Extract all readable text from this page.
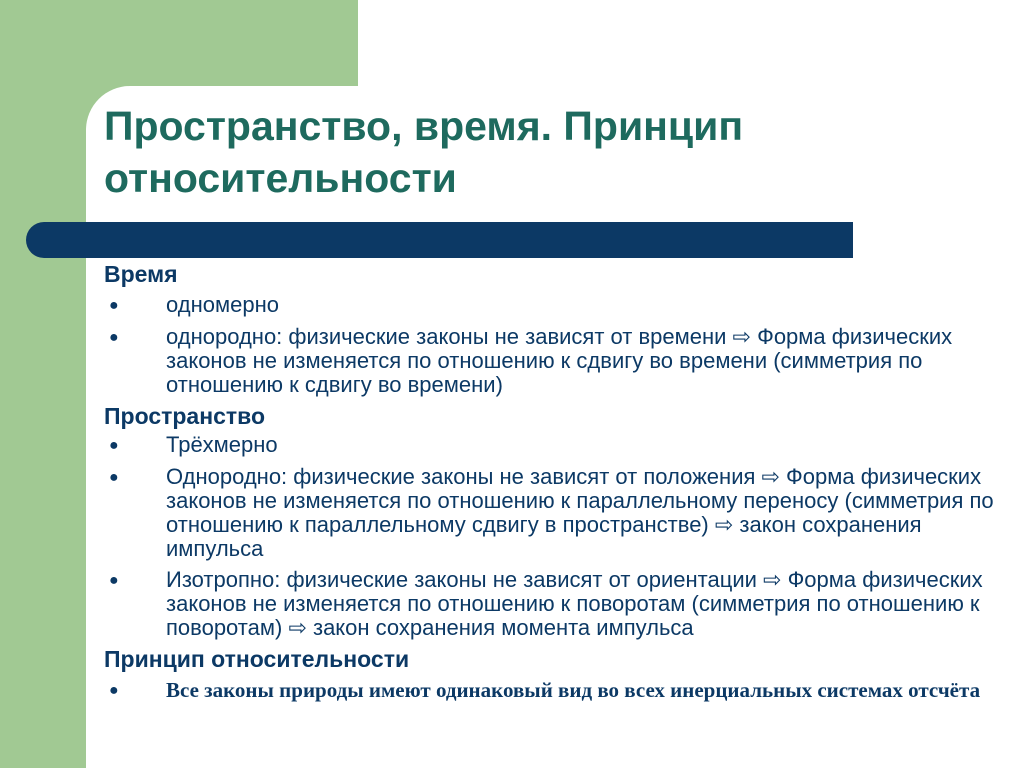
Пространство, время. Принцип относительности
Время
● одномерно
● однородно: физические законы не зависят от времени ⇨ Форма физических законов не изменяется по отношению к сдвигу во времени (симметрия по отношению к сдвигу во времени)
Пространство
● Трёхмерно
● Однородно: физические законы не зависят от положения ⇨ Форма физических законов не изменяется по отношению к параллельному переносу (симметрия по отношению к параллельному сдвигу в пространстве) ⇨ закон сохранения импульса
● Изотропно: физические законы не зависят от ориентации ⇨ Форма физических законов не изменяется по отношению к поворотам (симметрия по отношению к поворотам) ⇨ закон сохранения момента импульса
Принцип относительности
● Все законы природы имеют одинаковый вид во всех инерциальных системах отсчёта
